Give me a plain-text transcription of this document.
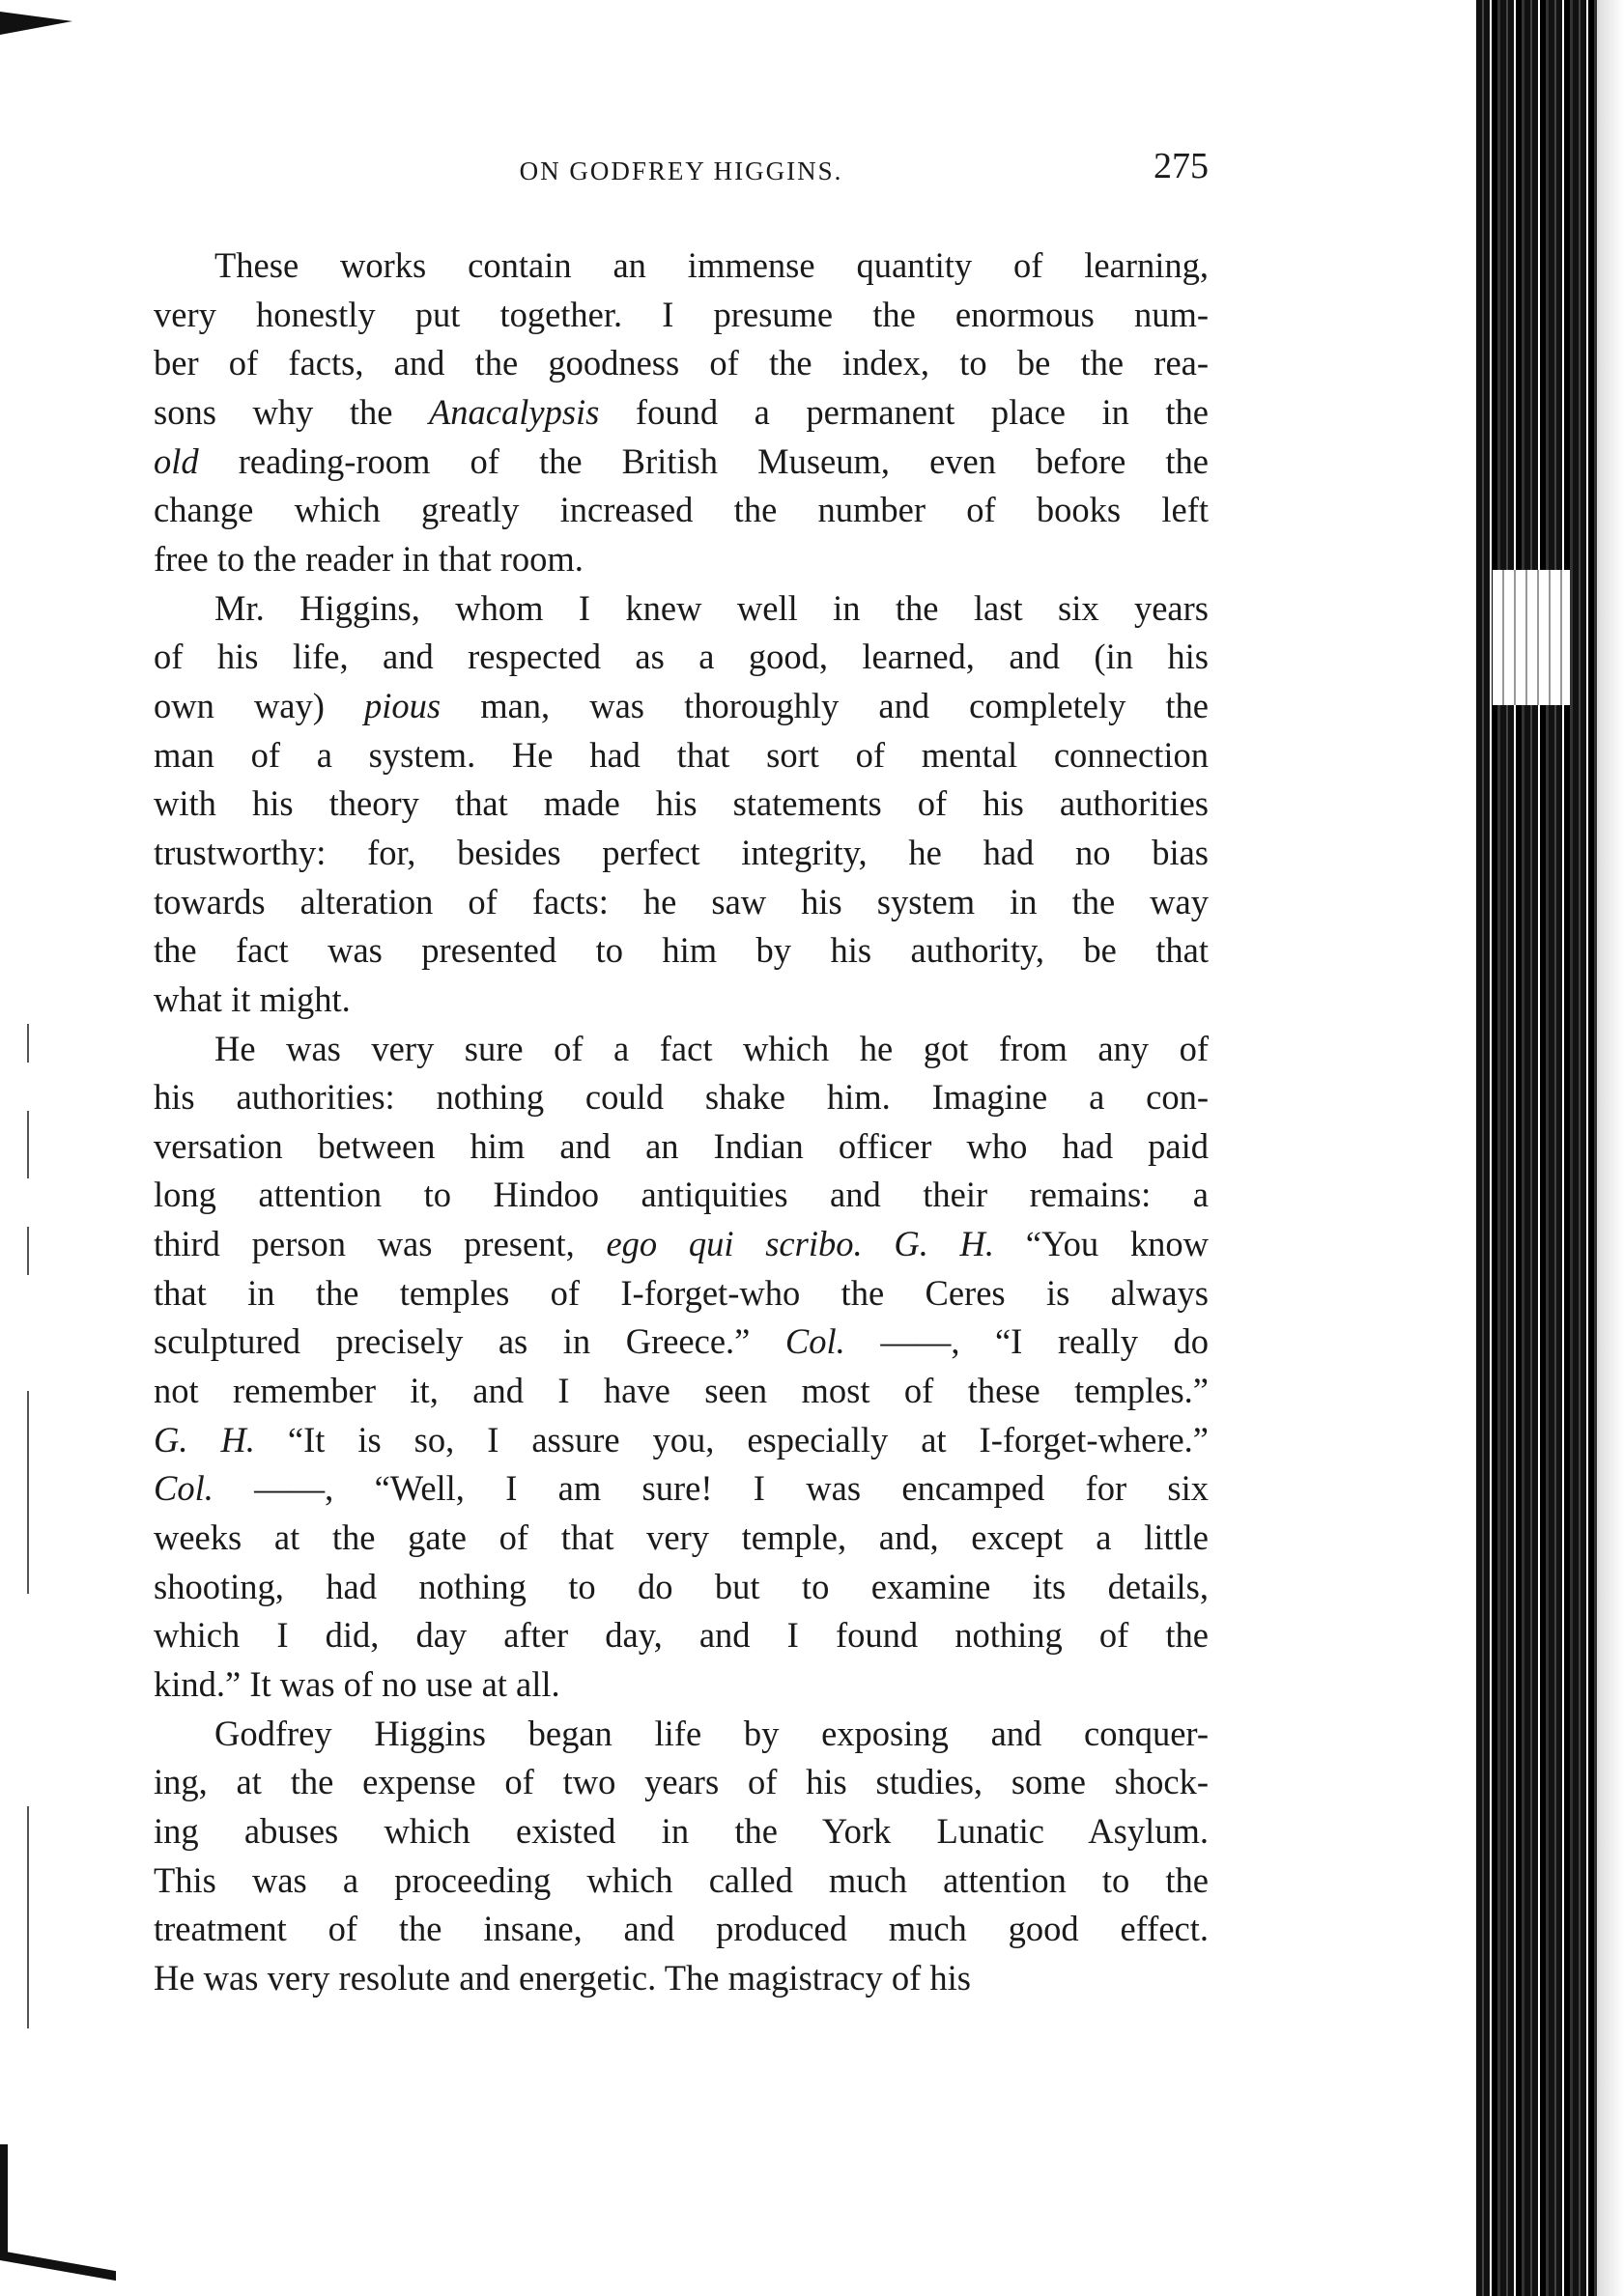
ON GODFREY HIGGINS.	275
These works contain an immense quantity of learning,
very honestly put together. I presume the enormous num-
ber of facts, and the goodness of the index, to be the rea-
sons why the Anacalypsis found a permanent place in the
old reading-room of the British Museum, even before the
change which greatly increased the number of books left
free to the reader in that room.
Mr. Higgins, whom I knew well in the last six years
of his life, and respected as a good, learned, and (in his
own way) pious man, was thoroughly and completely the
man of a system. He had that sort of mental connection
with his theory that made his statements of his authorities
trustworthy: for, besides perfect integrity, he had no bias
towards alteration of facts: he saw his system in the way
the fact was presented to him by his authority, be that
what it might.
He was very sure of a fact which he got from any of
his authorities: nothing could shake him. Imagine a con-
versation between him and an Indian officer who had paid
long attention to Hindoo antiquities and their remains: a
third person was present, ego qui scribo. G. H. “You know
that in the temples of I-forget-who the Ceres is always
sculptured precisely as in Greece.” Col. ——, “I really do
not remember it, and I have seen most of these temples.”
G. H. “It is so, I assure you, especially at I-forget-where.”
Col. ——, “Well, I am sure! I was encamped for six
weeks at the gate of that very temple, and, except a little
shooting, had nothing to do but to examine its details,
which I did, day after day, and I found nothing of the
kind.” It was of no use at all.
Godfrey Higgins began life by exposing and conquer-
ing, at the expense of two years of his studies, some shock-
ing abuses which existed in the York Lunatic Asylum.
This was a proceeding which called much attention to the
treatment of the insane, and produced much good effect.
He was very resolute and energetic. The magistracy of his
